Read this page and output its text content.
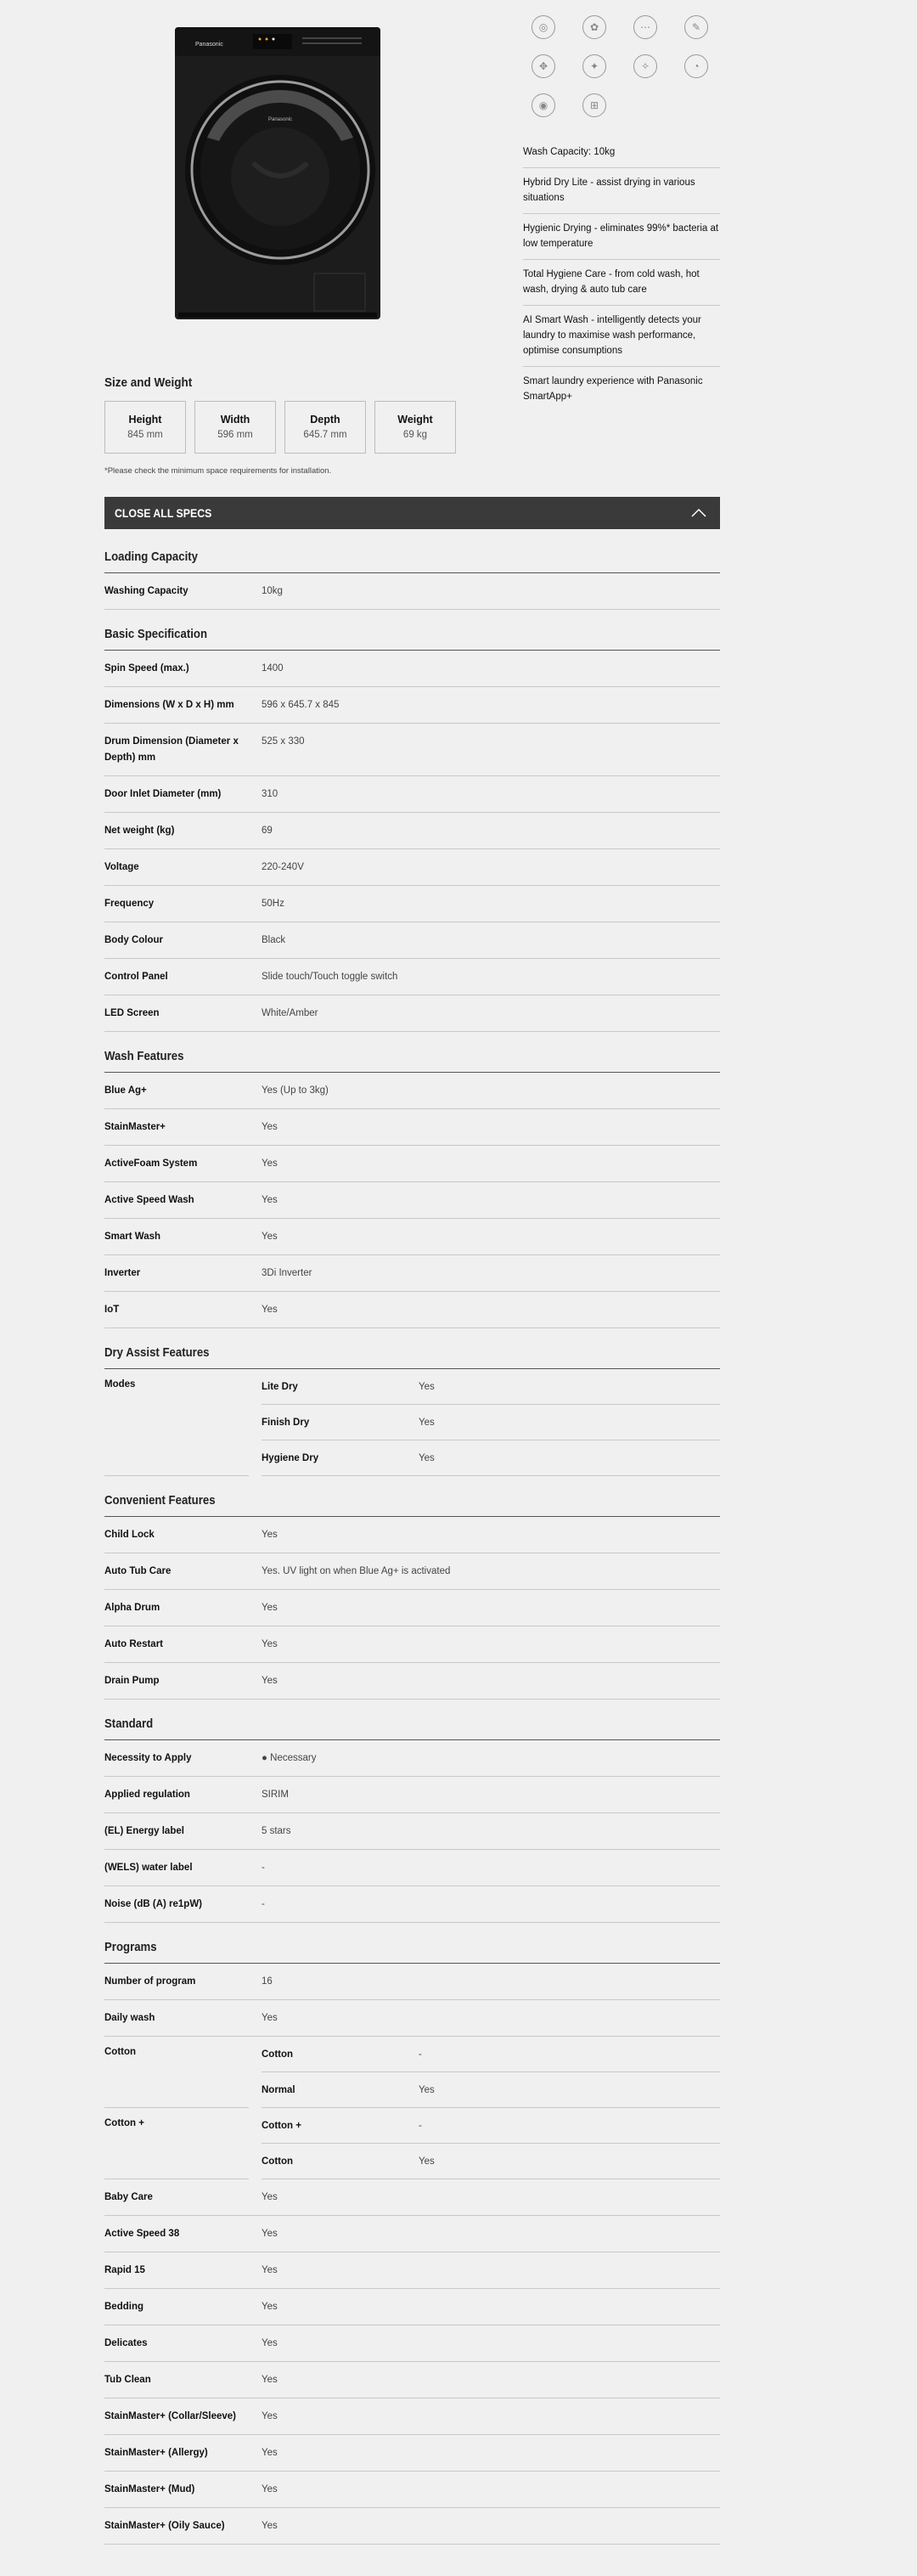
Panasonic
Panasonic
◎	✿	⋯	✎
✥	✦	✧	◔
◉	⊞
Wash Capacity: 10kg
Hybrid Dry Lite - assist drying in various situations
Hygienic Drying - eliminates 99%* bacteria at low temperature
Total Hygiene Care - from cold wash, hot wash, drying & auto tub care
AI Smart Wash - intelligently detects your laundry to maximise wash performance, optimise consumptions
Smart laundry experience with Panasonic SmartApp+
Size and Weight
Height
845 mm
Width
596 mm
Depth
645.7 mm
Weight
69 kg
*Please check the minimum space requirements for installation.
CLOSE ALL SPECS
Loading Capacity
Washing Capacity	10kg
Basic Specification
Spin Speed (max.)	1400
Dimensions (W x D x H) mm	596 x 645.7 x 845
Drum Dimension (Diameter x Depth) mm
525 x 330
Door Inlet Diameter (mm)	310
Net weight (kg)	69
Voltage	220-240V
Frequency	50Hz
Body Colour	Black
Control Panel	Slide touch/Touch toggle switch
LED Screen	White/Amber
Wash Features
Blue Ag+	Yes (Up to 3kg)
StainMaster+	Yes
ActiveFoam System	Yes
Active Speed Wash	Yes
Smart Wash	Yes
Inverter	3Di Inverter
IoT	Yes
Dry Assist Features
Modes	Lite Dry	Yes
Finish Dry	Yes
Hygiene Dry	Yes
Convenient Features
Child Lock	Yes
Auto Tub Care	Yes. UV light on when Blue Ag+ is activated
Alpha Drum	Yes
Auto Restart	Yes
Drain Pump	Yes
Standard
Necessity to Apply	● Necessary
Applied regulation	SIRIM
(EL) Energy label	5 stars
(WELS) water label	-
Noise (dB (A) re1pW)	-
Programs
Number of program	16
Daily wash	Yes
Cotton	Cotton	-
Normal	Yes
Cotton +	Cotton +	-
Cotton	Yes
Baby Care	Yes
Active Speed 38	Yes
Rapid 15	Yes
Bedding	Yes
Delicates	Yes
Tub Clean	Yes
StainMaster+ (Collar/Sleeve)	Yes
StainMaster+ (Allergy)	Yes
StainMaster+ (Mud)	Yes
StainMaster+ (Oily Sauce)	Yes
